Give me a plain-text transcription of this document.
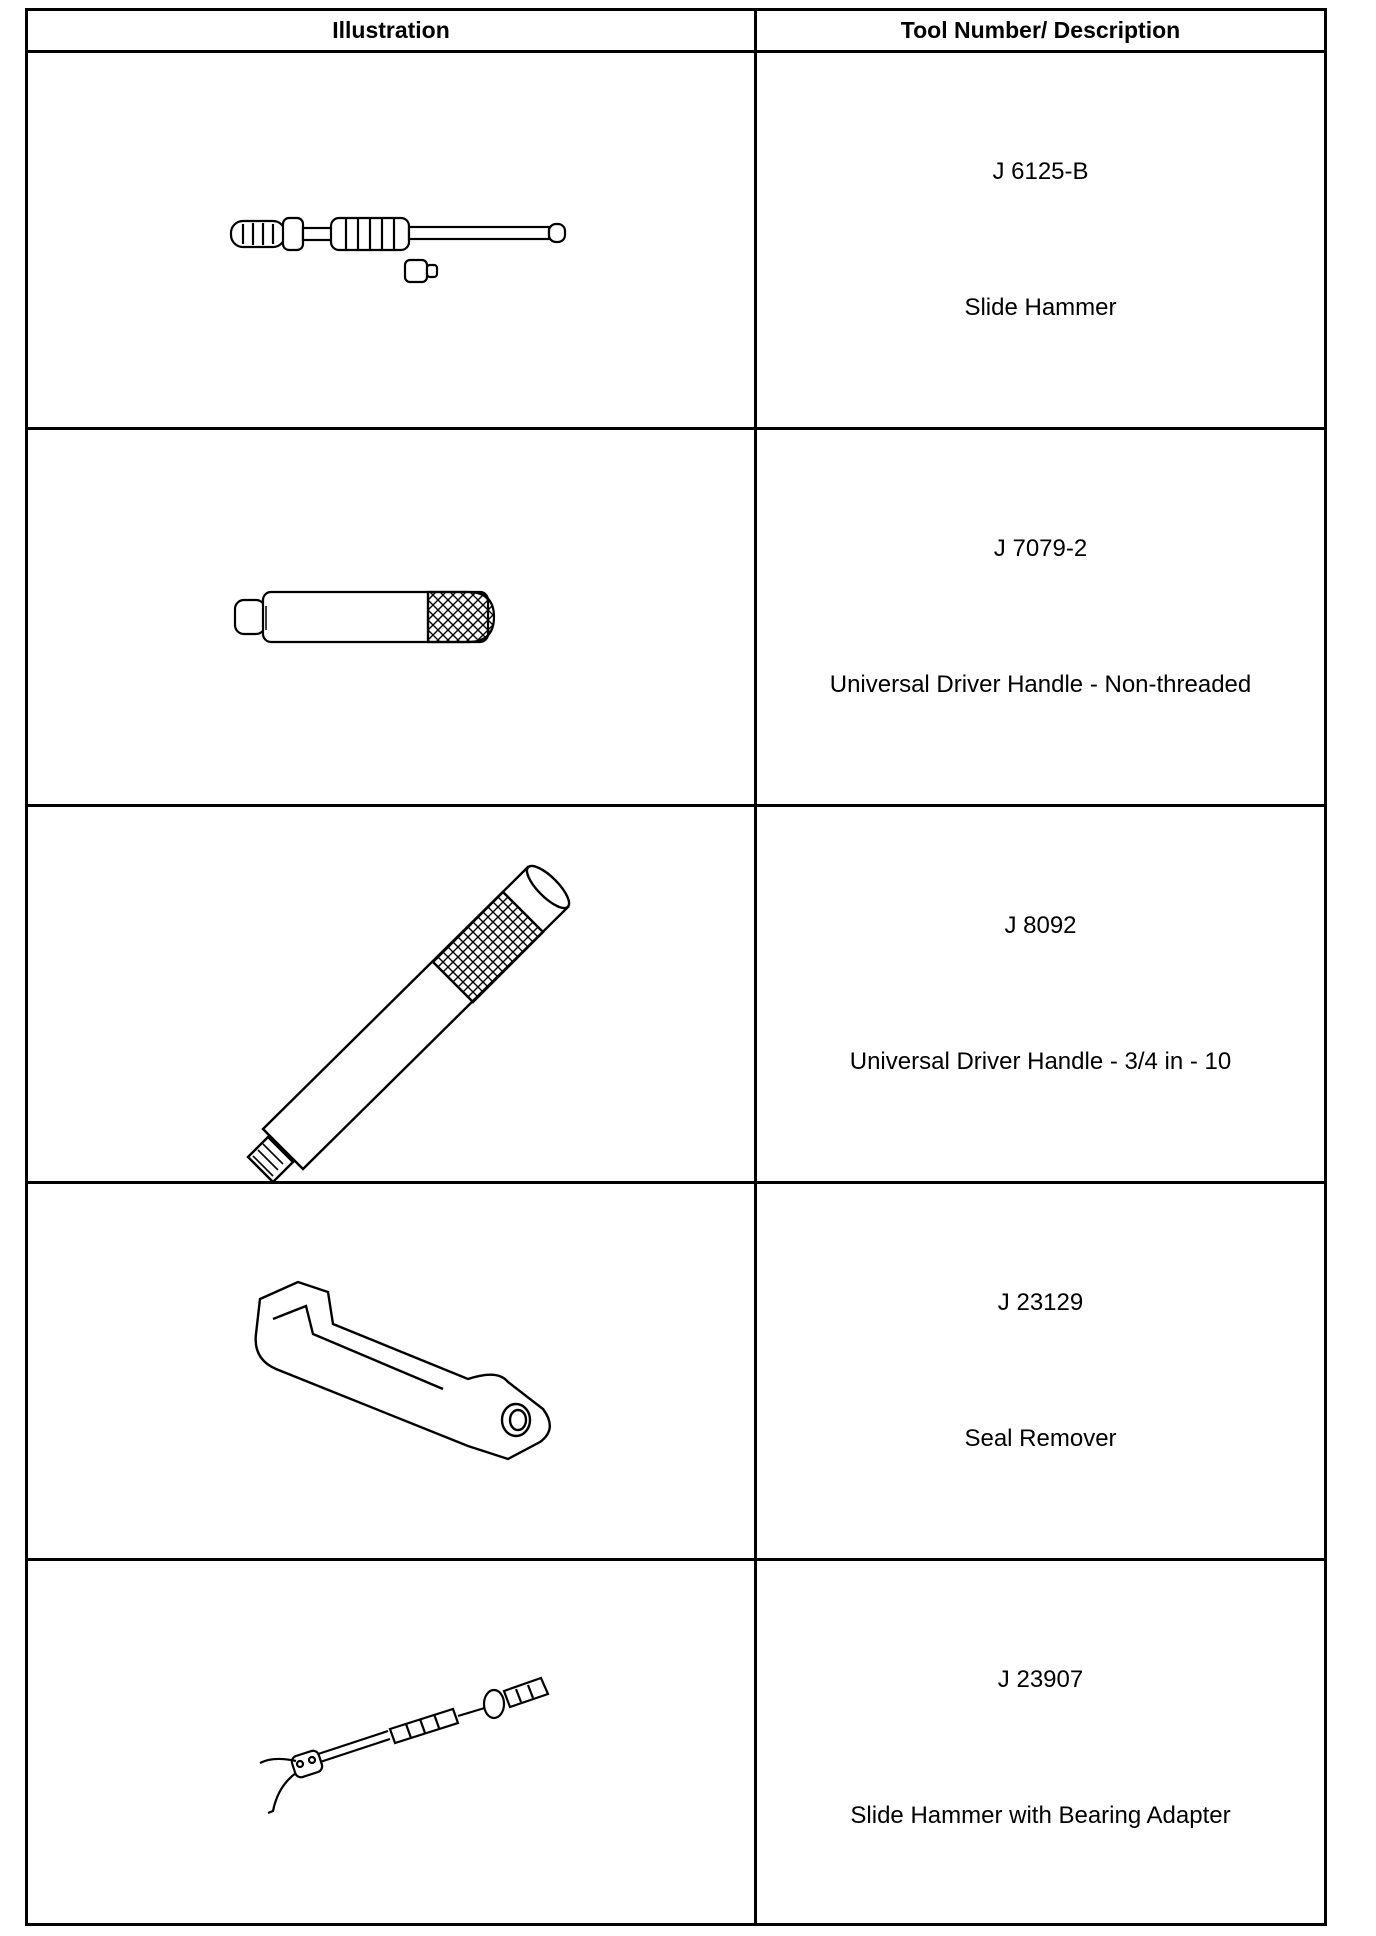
Illustration	Tool Number/ Description
J 6125-B
Slide Hammer
J 7079-2
Universal Driver Handle - Non-threaded
J 8092
Universal Driver Handle - 3/4 in - 10
J 23129
Seal Remover
J 23907
Slide Hammer with Bearing Adapter
